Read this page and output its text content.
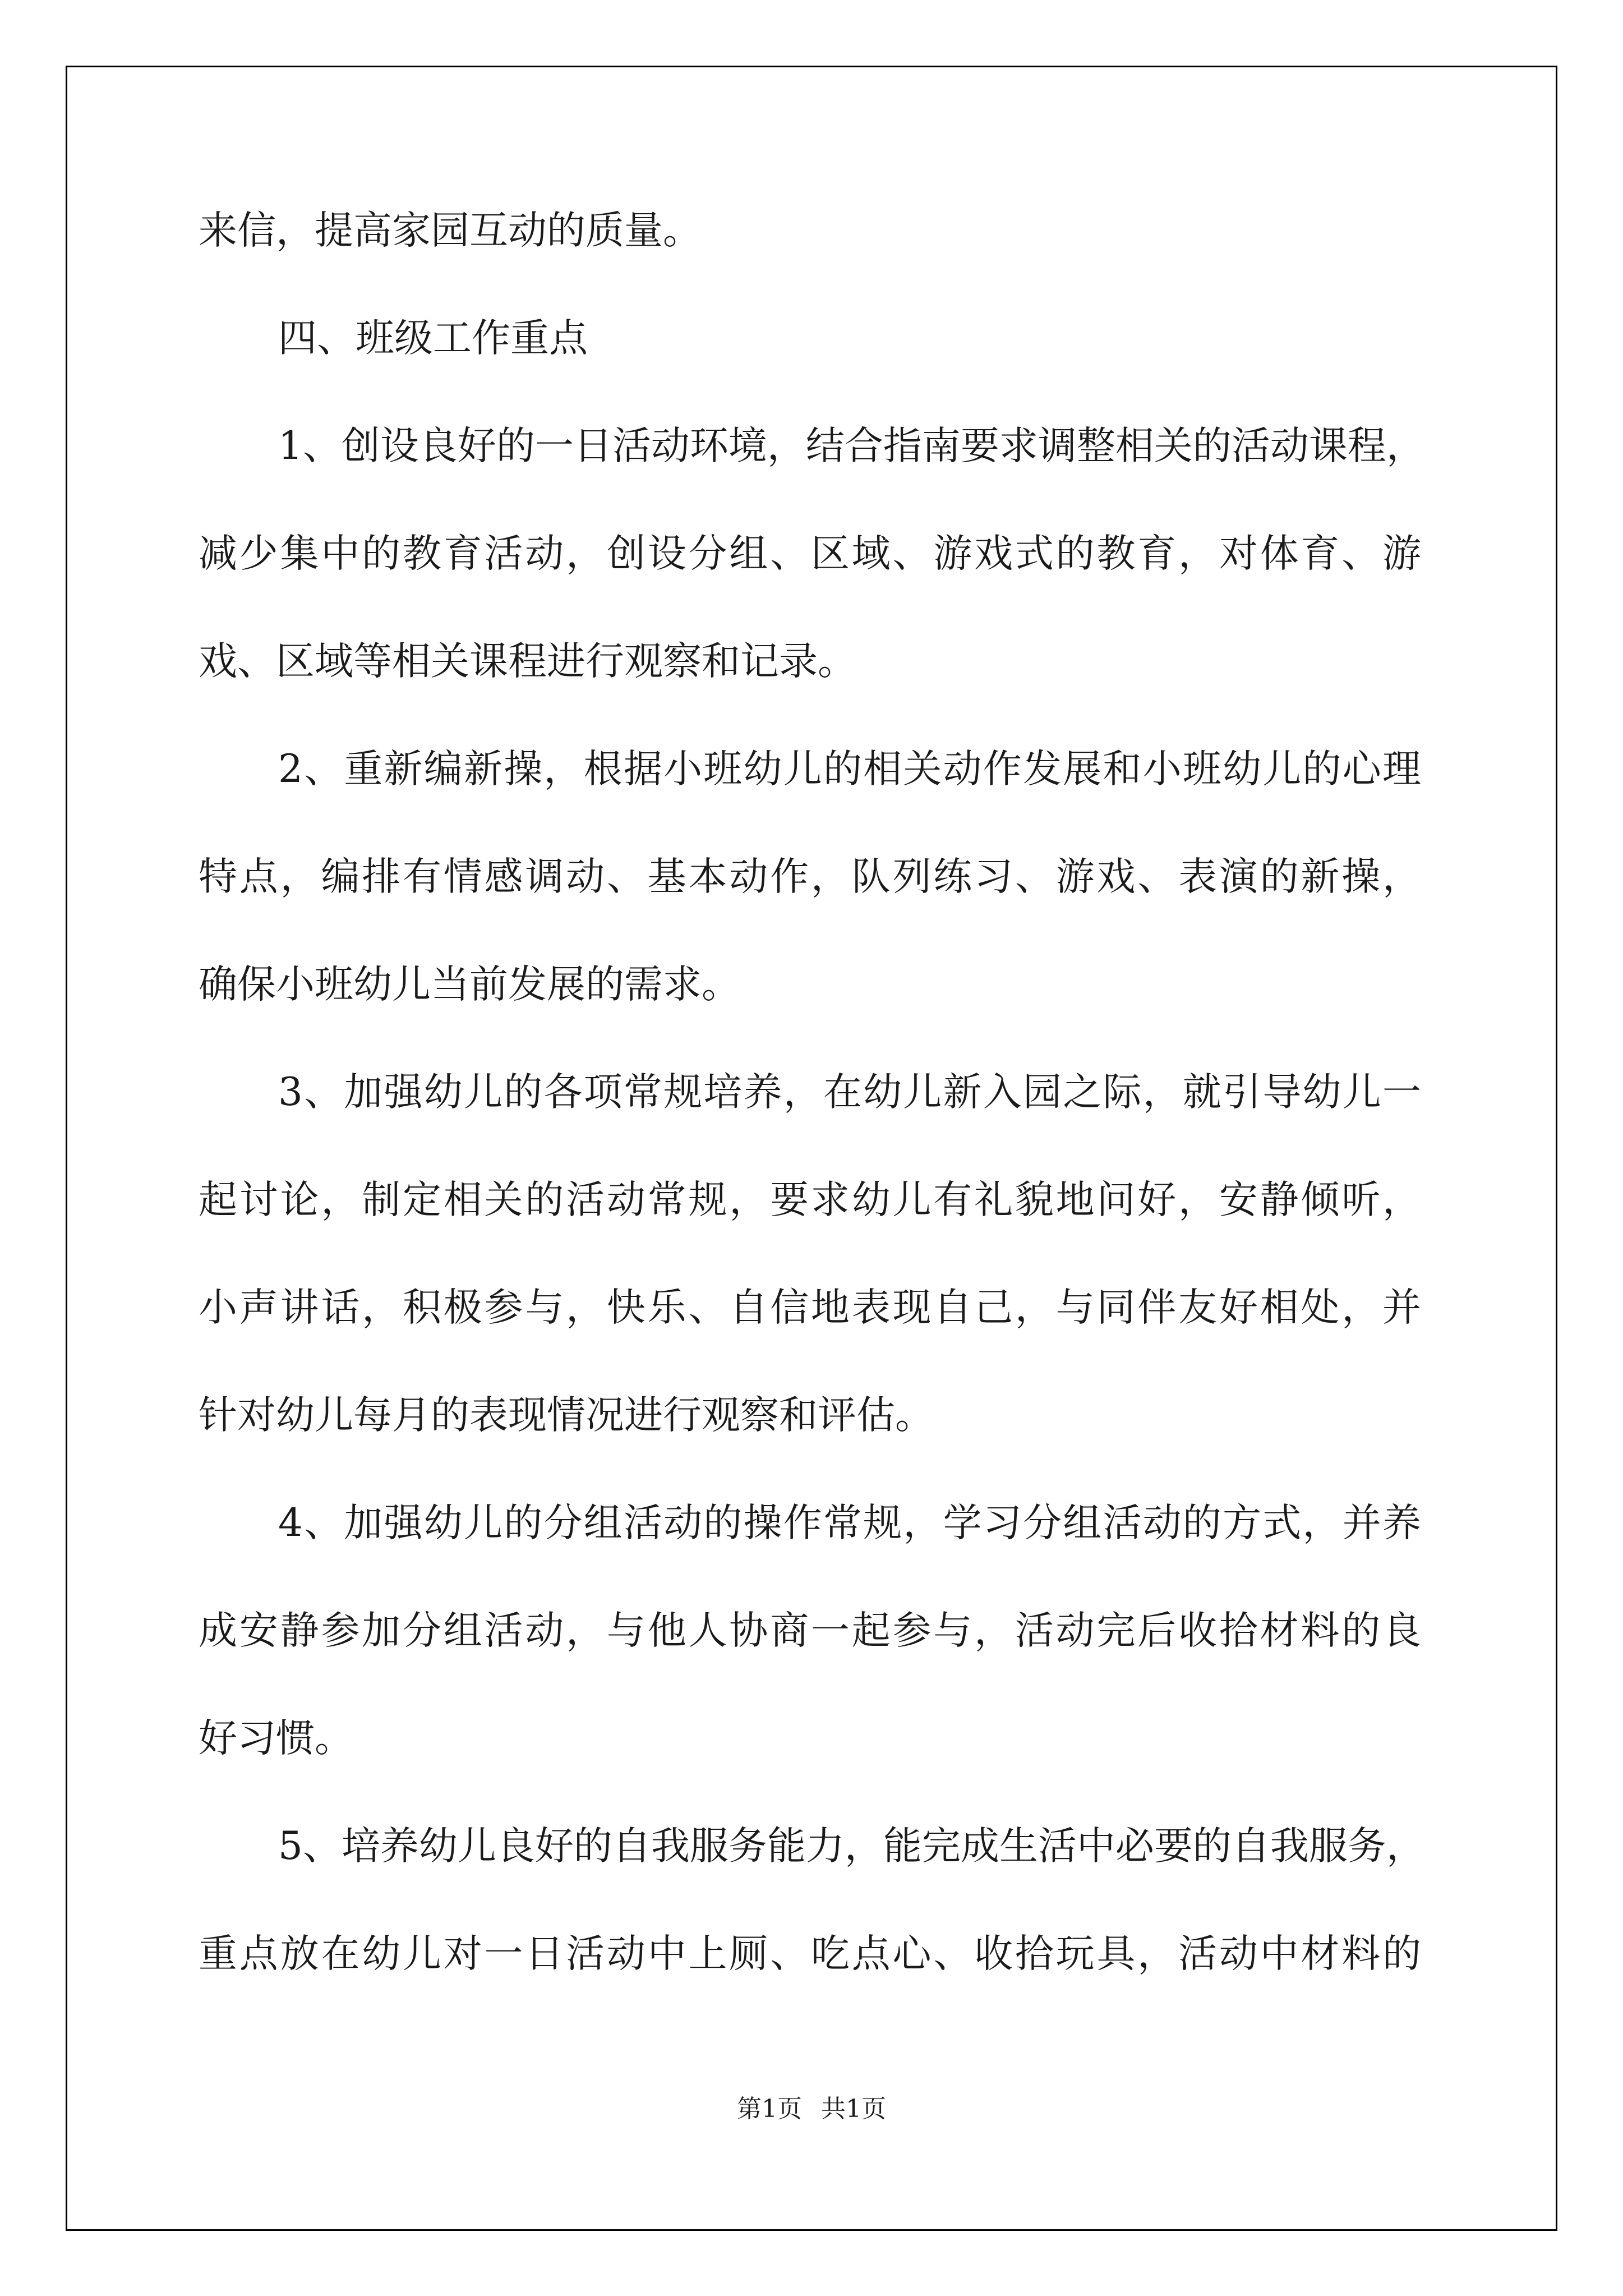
来信，提高家园互动的质量。
四、班级工作重点
1、创设良好的一日活动环境，结合指南要求调整相关的活动课程，
减少集中的教育活动，创设分组、区域、游戏式的教育，对体育、游
戏、区域等相关课程进行观察和记录。
2、重新编新操，根据小班幼儿的相关动作发展和小班幼儿的心理
特点，编排有情感调动、基本动作，队列练习、游戏、表演的新操，
确保小班幼儿当前发展的需求。
3、加强幼儿的各项常规培养，在幼儿新入园之际，就引导幼儿一
起讨论，制定相关的活动常规，要求幼儿有礼貌地问好，安静倾听，
小声讲话，积极参与，快乐、自信地表现自己，与同伴友好相处，并
针对幼儿每月的表现情况进行观察和评估。
4、加强幼儿的分组活动的操作常规，学习分组活动的方式，并养
成安静参加分组活动，与他人协商一起参与，活动完后收拾材料的良
好习惯。
5、培养幼儿良好的自我服务能力，能完成生活中必要的自我服务，
重点放在幼儿对一日活动中上厕、吃点心、收拾玩具，活动中材料的
第1页 共1页
